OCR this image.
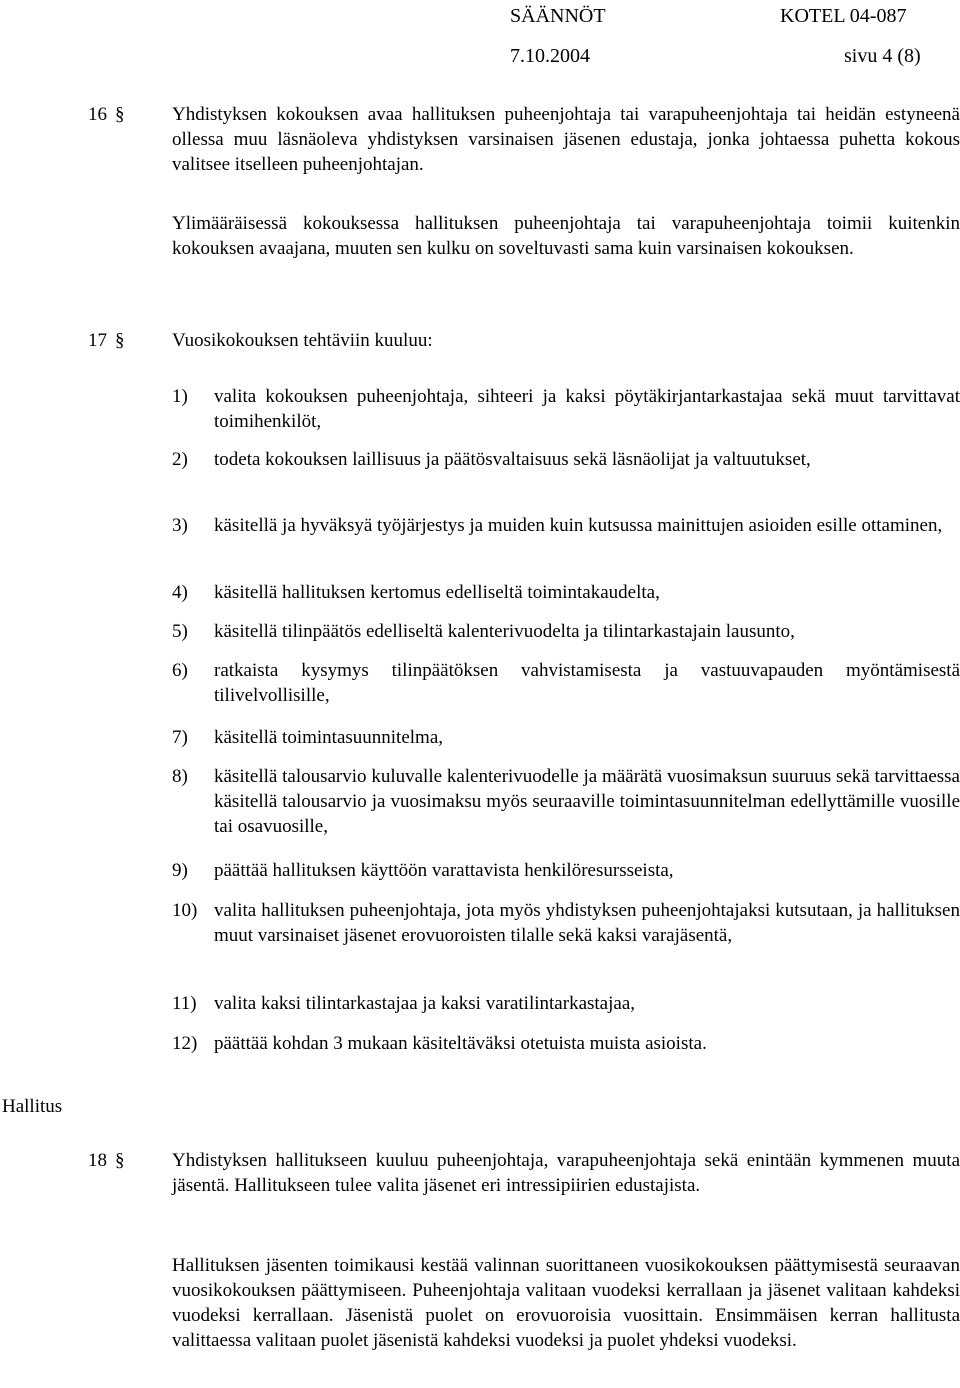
SÄÄNNÖT	KOTEL 04-087
7.10.2004	sivu 4 (8)
16 §	Yhdistyksen kokouksen avaa hallituksen puheenjohtaja tai varapuheenjohtaja tai heidän estyneenä ollessa muu läsnäoleva yhdistyksen varsinaisen jäsenen edustaja, jonka johtaessa puhetta kokous valitsee itselleen puheenjohtajan.

Ylimääräisessä kokouksessa hallituksen puheenjohtaja tai varapuheenjohtaja toimii kuitenkin kokouksen avaajana, muuten sen kulku on soveltuvasti sama kuin varsinaisen kokouksen.

17 §	Vuosikokouksen tehtäviin kuuluu:

1) valita kokouksen puheenjohtaja, sihteeri ja kaksi pöytäkirjantarkastajaa sekä muut tarvittavat toimihenkilöt,

2) todeta kokouksen laillisuus ja päätösvaltaisuus sekä läsnäolijat ja valtuutukset,

3) käsitellä ja hyväksyä työjärjestys ja muiden kuin kutsussa mainittujen asioiden esille ottaminen,

4) käsitellä hallituksen kertomus edelliseltä toimintakaudelta,

5) käsitellä tilinpäätös edelliseltä kalenterivuodelta ja tilintarkastajain lausunto,

6) ratkaista kysymys tilinpäätöksen vahvistamisesta ja vastuuvapauden myöntämisestä tilivelvollisille,

7) käsitellä toimintasuunnitelma,

8) käsitellä talousarvio kuluvalle kalenterivuodelle ja määrätä vuosimaksun suuruus sekä tarvittaessa käsitellä talousarvio ja vuosimaksu myös seuraaville toimintasuunnitelman edellyttämille vuosille tai osavuosille,

9) päättää hallituksen käyttöön varattavista henkilöresursseista,

10) valita hallituksen puheenjohtaja, jota myös yhdistyksen puheenjohtajaksi kutsutaan, ja hallituksen muut varsinaiset jäsenet erovuoroisten tilalle sekä kaksi varajäsentä,

11) valita kaksi tilintarkastajaa ja kaksi varatilintarkastajaa,

12) päättää kohdan 3 mukaan käsiteltäväksi otetuista muista asioista.

Hallitus
18 §	Yhdistyksen hallitukseen kuuluu puheenjohtaja, varapuheenjohtaja sekä enintään kymmenen muuta jäsentä. Hallitukseen tulee valita jäsenet eri intressipiirien edustajista.

Hallituksen jäsenten toimikausi kestää valinnan suorittaneen vuosikokouksen päättymisestä seuraavan vuosikokouksen päättymiseen. Puheenjohtaja valitaan vuodeksi kerrallaan ja jäsenet valitaan kahdeksi vuodeksi kerrallaan. Jäsenistä puolet on erovuoroisia vuosittain. Ensimmäisen kerran hallitusta valittaessa valitaan puolet jäsenistä kahdeksi vuodeksi ja puolet yhdeksi vuodeksi.
